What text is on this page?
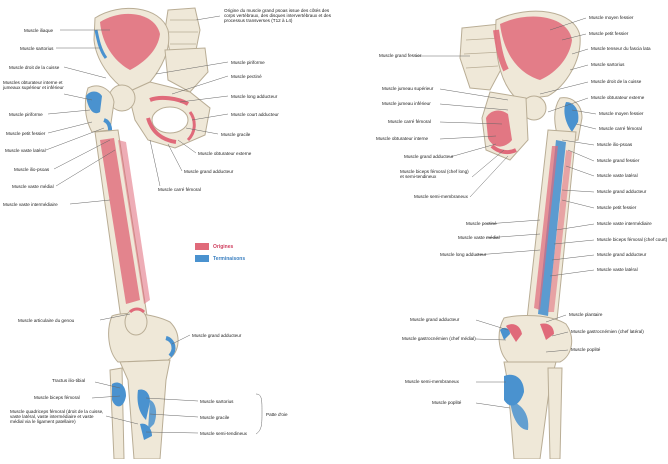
Origines
Terminaisons
Muscle iliaque
Muscle sartorius
Muscle droit de la cuisse
Muscles obturateur interne et jumeaux supérieur et inférieur
Muscle piriforme
Muscle petit fessier
Muscle vaste latéral
Muscle ilio-psoas
Muscle vaste médial
Muscle vaste intermédiaire
Origine du muscle grand psoas issue des côtés des corps vertébraux, des disques intervertébraux et des processus transverses (T12 à L4)
Muscle piriforme
Muscle pectiné
Muscle long adducteur
Muscle court adducteur
Muscle gracile
Muscle obturateur externe
Muscle grand adducteur
Muscle carré fémoral
Muscle articulaire du genou
Muscle grand adducteur
Tractus ilio-tibial
Muscle biceps fémoral
Muscle quadriceps fémoral (droit de la cuisse, vaste latéral, vaste intermédiaire et vaste médial via le ligament patellaire)
Muscle sartorius
Muscle gracile
Muscle semi-tendineux
Patte d'oie
Muscle grand fessier
Muscle jumeau supérieur
Muscle jumeau inférieur
Muscle carré fémoral
Muscle obturateur interne
Muscle grand adducteur
Muscle biceps fémoral (chef long) et semi-tendineux
Muscle semi-membraneux
Muscle pectiné
Muscle vaste médial
Muscle long adducteur
Muscle grand adducteur
Muscle gastrocnémien (chef médial)
Muscle semi-membraneux
Muscle poplité
Muscle moyen fessier
Muscle petit fessier
Muscle tenseur du fascia lata
Muscle sartorius
Muscle droit de la cuisse
Muscle obturateur externe
Muscle moyen fessier
Muscle carré fémoral
Muscle ilio-psoas
Muscle grand fessier
Muscle vaste latéral
Muscle grand adducteur
Muscle petit fessier
Muscle vaste intermédiaire
Muscle biceps fémoral (chef court)
Muscle grand adducteur
Muscle vaste latéral
Muscle plantaire
Muscle gastrocnémien (chef latéral)
Muscle poplité
